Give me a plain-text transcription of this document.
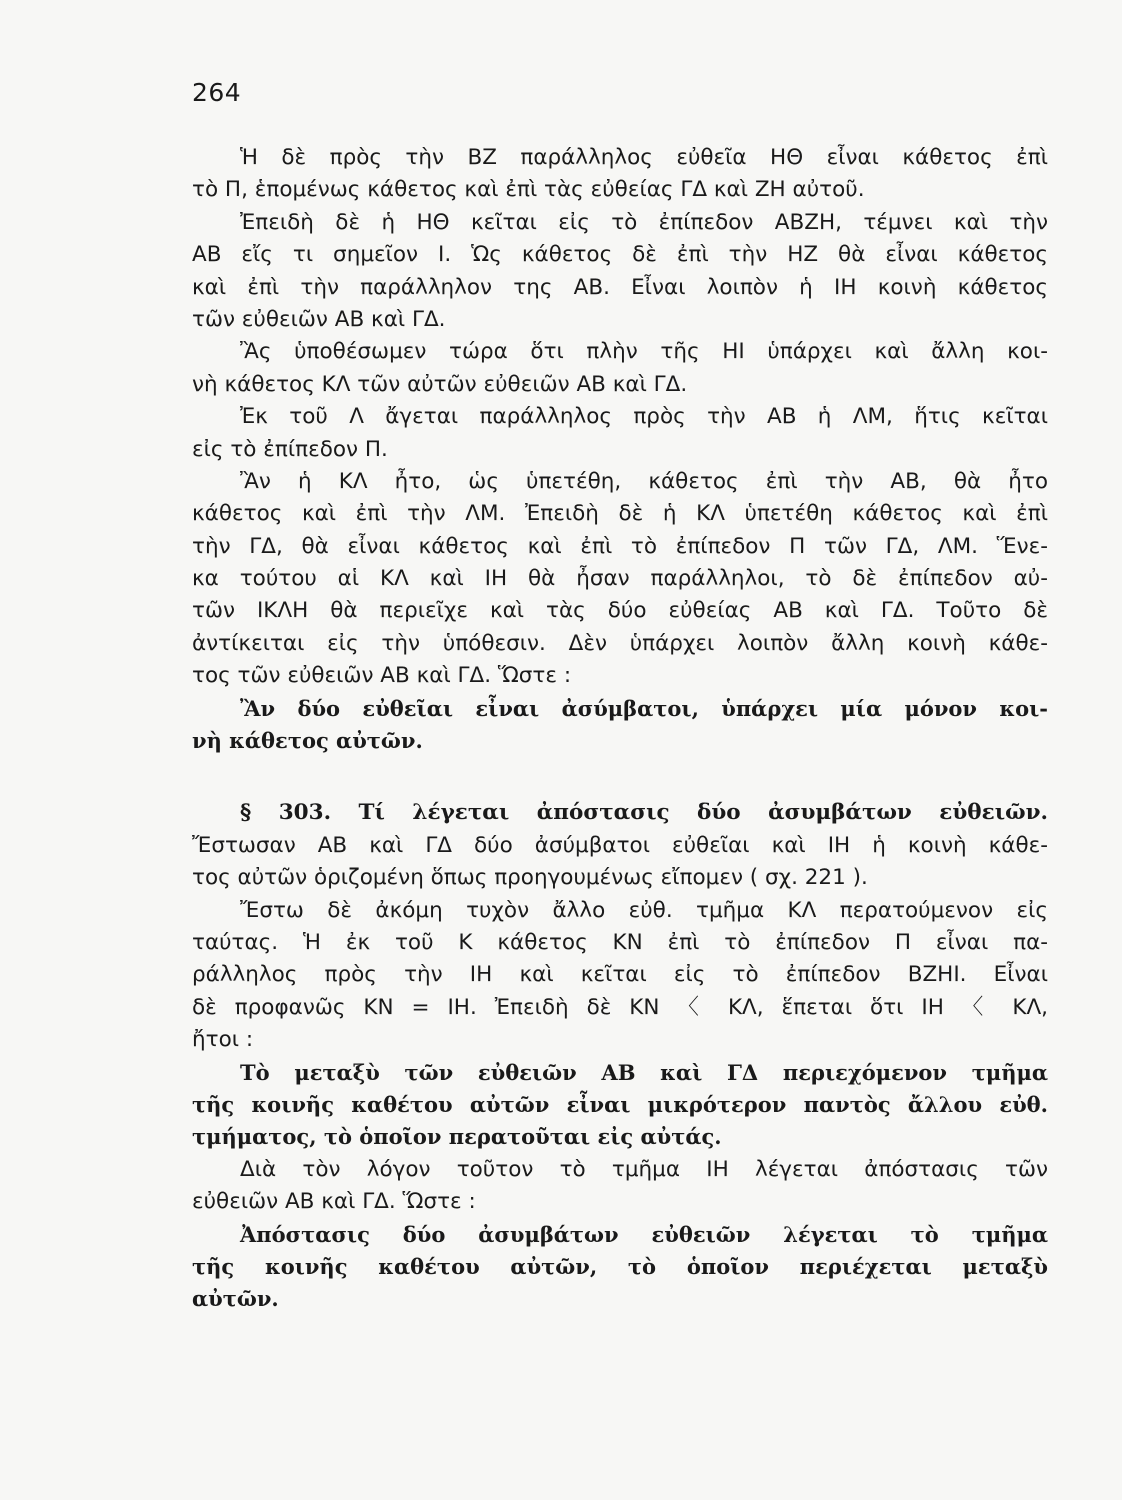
264
Ἡ δὲ πρὸς τὴν ΒΖ παράλληλος εὐθεῖα ΗΘ εἶναι κάθετος ἐπὶ
τὸ Π, ἑπομένως κάθετος καὶ ἐπὶ τὰς εὐθείας ΓΔ καὶ ΖΗ αὐτοῦ.
Ἐπειδὴ δὲ ἡ ΗΘ κεῖται εἰς τὸ ἐπίπεδον ΑΒΖΗ, τέμνει καὶ τὴν
ΑΒ εἴς τι σημεῖον Ι. Ὡς κάθετος δὲ ἐπὶ τὴν ΗΖ θὰ εἶναι κάθετος
καὶ ἐπὶ τὴν παράλληλον της ΑΒ. Εἶναι λοιπὸν ἡ ΙΗ κοινὴ κάθετος
τῶν εὐθειῶν ΑΒ καὶ ΓΔ.
Ἂς ὑποθέσωμεν τώρα ὅτι πλὴν τῆς ΗΙ ὑπάρχει καὶ ἄλλη κοι-
νὴ κάθετος ΚΛ τῶν αὐτῶν εὐθειῶν ΑΒ καὶ ΓΔ.
Ἐκ τοῦ Λ ἄγεται παράλληλος πρὸς τὴν ΑΒ ἡ ΛΜ, ἥτις κεῖται
εἰς τὸ ἐπίπεδον Π.
Ἂν ἡ ΚΛ ἦτο, ὡς ὑπετέθη, κάθετος ἐπὶ τὴν ΑΒ, θὰ ἦτο
κάθετος καὶ ἐπὶ τὴν ΛΜ. Ἐπειδὴ δὲ ἡ ΚΛ ὑπετέθη κάθετος καὶ ἐπὶ
τὴν ΓΔ, θὰ εἶναι κάθετος καὶ ἐπὶ τὸ ἐπίπεδον Π τῶν ΓΔ, ΛΜ. Ἕνε-
κα τούτου αἱ ΚΛ καὶ ΙΗ θὰ ἦσαν παράλληλοι, τὸ δὲ ἐπίπεδον αὐ-
τῶν ΙΚΛΗ θὰ περιεῖχε καὶ τὰς δύο εὐθείας ΑΒ καὶ ΓΔ. Τοῦτο δὲ
ἀντίκειται εἰς τὴν ὑπόθεσιν. Δὲν ὑπάρχει λοιπὸν ἄλλη κοινὴ κάθε-
τος τῶν εὐθειῶν ΑΒ καὶ ΓΔ. Ὥστε :
Ἂν δύο εὐθεῖαι εἶναι ἀσύμβατοι, ὑπάρχει μία μόνον κοι-
νὴ κάθετος αὐτῶν.
§ 303. Τί λέγεται ἀπόστασις δύο ἀσυμβάτων εὐθειῶν.
Ἔστωσαν ΑΒ καὶ ΓΔ δύο ἀσύμβατοι εὐθεῖαι καὶ ΙΗ ἡ κοινὴ κάθε-
τος αὐτῶν ὁριζομένη ὅπως προηγουμένως εἴπομεν ( σχ. 221 ).
Ἔστω δὲ ἀκόμη τυχὸν ἄλλο εὐθ. τμῆμα ΚΛ περατούμενον εἰς
ταύτας. Ἡ ἐκ τοῦ Κ κάθετος ΚΝ ἐπὶ τὸ ἐπίπεδον Π εἶναι πα-
ράλληλος πρὸς τὴν ΙΗ καὶ κεῖται εἰς τὸ ἐπίπεδον ΒΖΗΙ. Εἶναι
δὲ προφανῶς ΚΝ = ΙΗ. Ἐπειδὴ δὲ ΚΝ 〈 ΚΛ, ἕπεται ὅτι ΙΗ 〈 ΚΛ,
ἤτοι :
Τὸ μεταξὺ τῶν εὐθειῶν ΑΒ καὶ ΓΔ περιεχόμενον τμῆμα
τῆς κοινῆς καθέτου αὐτῶν εἶναι μικρότερον παντὸς ἄλλου εὐθ.
τμήματος, τὸ ὁποῖον περατοῦται εἰς αὐτάς.
Διὰ τὸν λόγον τοῦτον τὸ τμῆμα ΙΗ λέγεται ἀπόστασις τῶν
εὐθειῶν ΑΒ καὶ ΓΔ. Ὥστε :
Ἀπόστασις δύο ἀσυμβάτων εὐθειῶν λέγεται τὸ τμῆμα
τῆς κοινῆς καθέτου αὐτῶν, τὸ ὁποῖον περιέχεται μεταξὺ
αὐτῶν.
